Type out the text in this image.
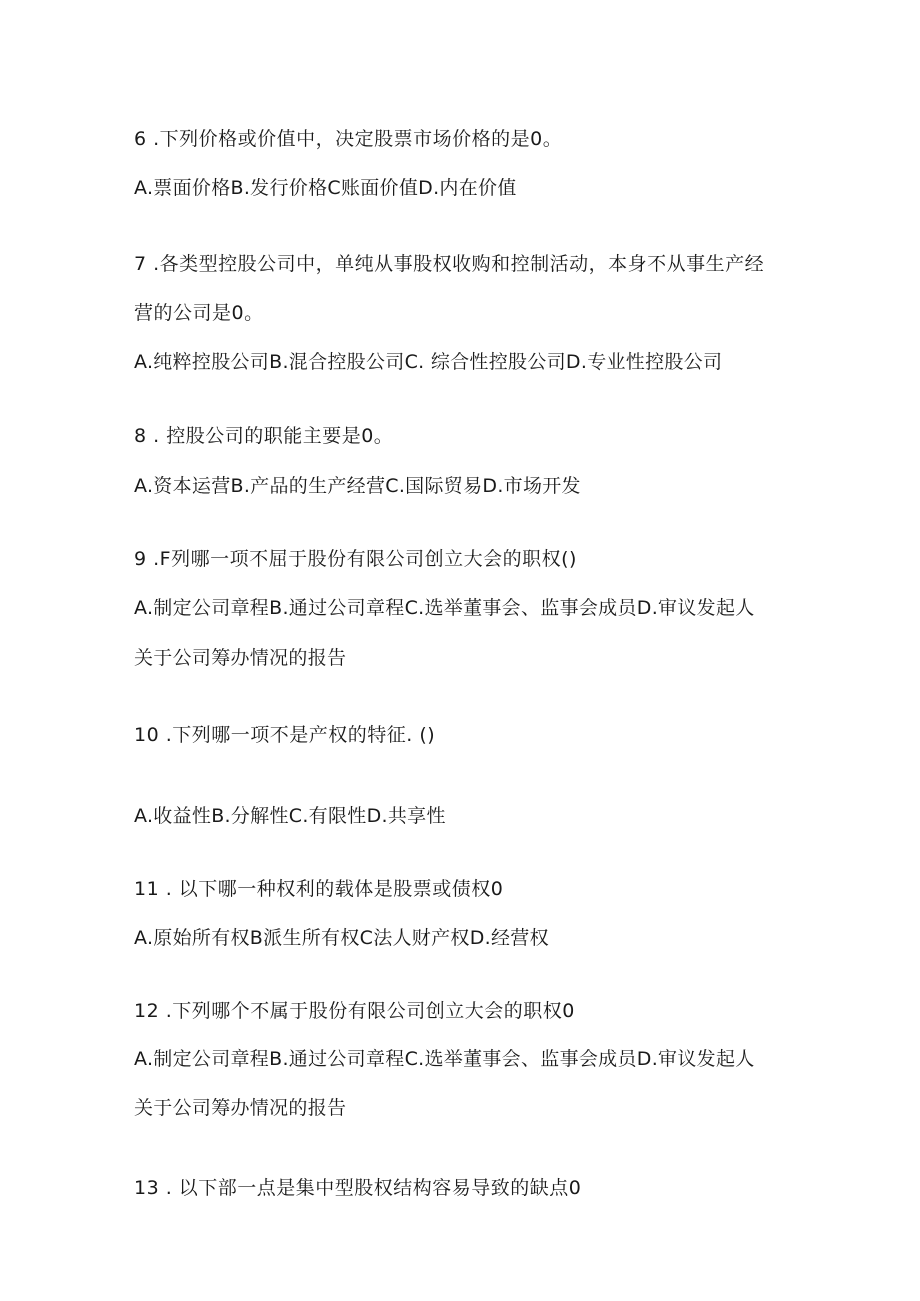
6 .下列价格或价值中，决定股票市场价格的是0。

A.票面价格B.发行价格C账面价值D.内在价值

7 .各类型控股公司中，单纯从事股权收购和控制活动，本身不从事生产经

营的公司是0。

A.纯粹控股公司B.混合控股公司C. 综合性控股公司D.专业性控股公司

8 . 控股公司的职能主要是0。

A.资本运营B.产品的生产经营C.国际贸易D.市场开发

9 .F列哪一项不屈于股份有限公司创立大会的职权()

A.制定公司章程B.通过公司章程C.选举董事会、监事会成员D.审议发起人

关于公司筹办情况的报告

10 .下列哪一项不是产权的特征. ()

A.收益性B.分解性C.有限性D.共享性

11 . 以下哪一种权利的载体是股票或债权0

A.原始所有权B派生所有权C法人财产权D.经营权

12 .下列哪个不属于股份有限公司创立大会的职权0

A.制定公司章程B.通过公司章程C.选举董事会、监事会成员D.审议发起人

关于公司筹办情况的报告

13 . 以下部一点是集中型股权结构容易导致的缺点0
